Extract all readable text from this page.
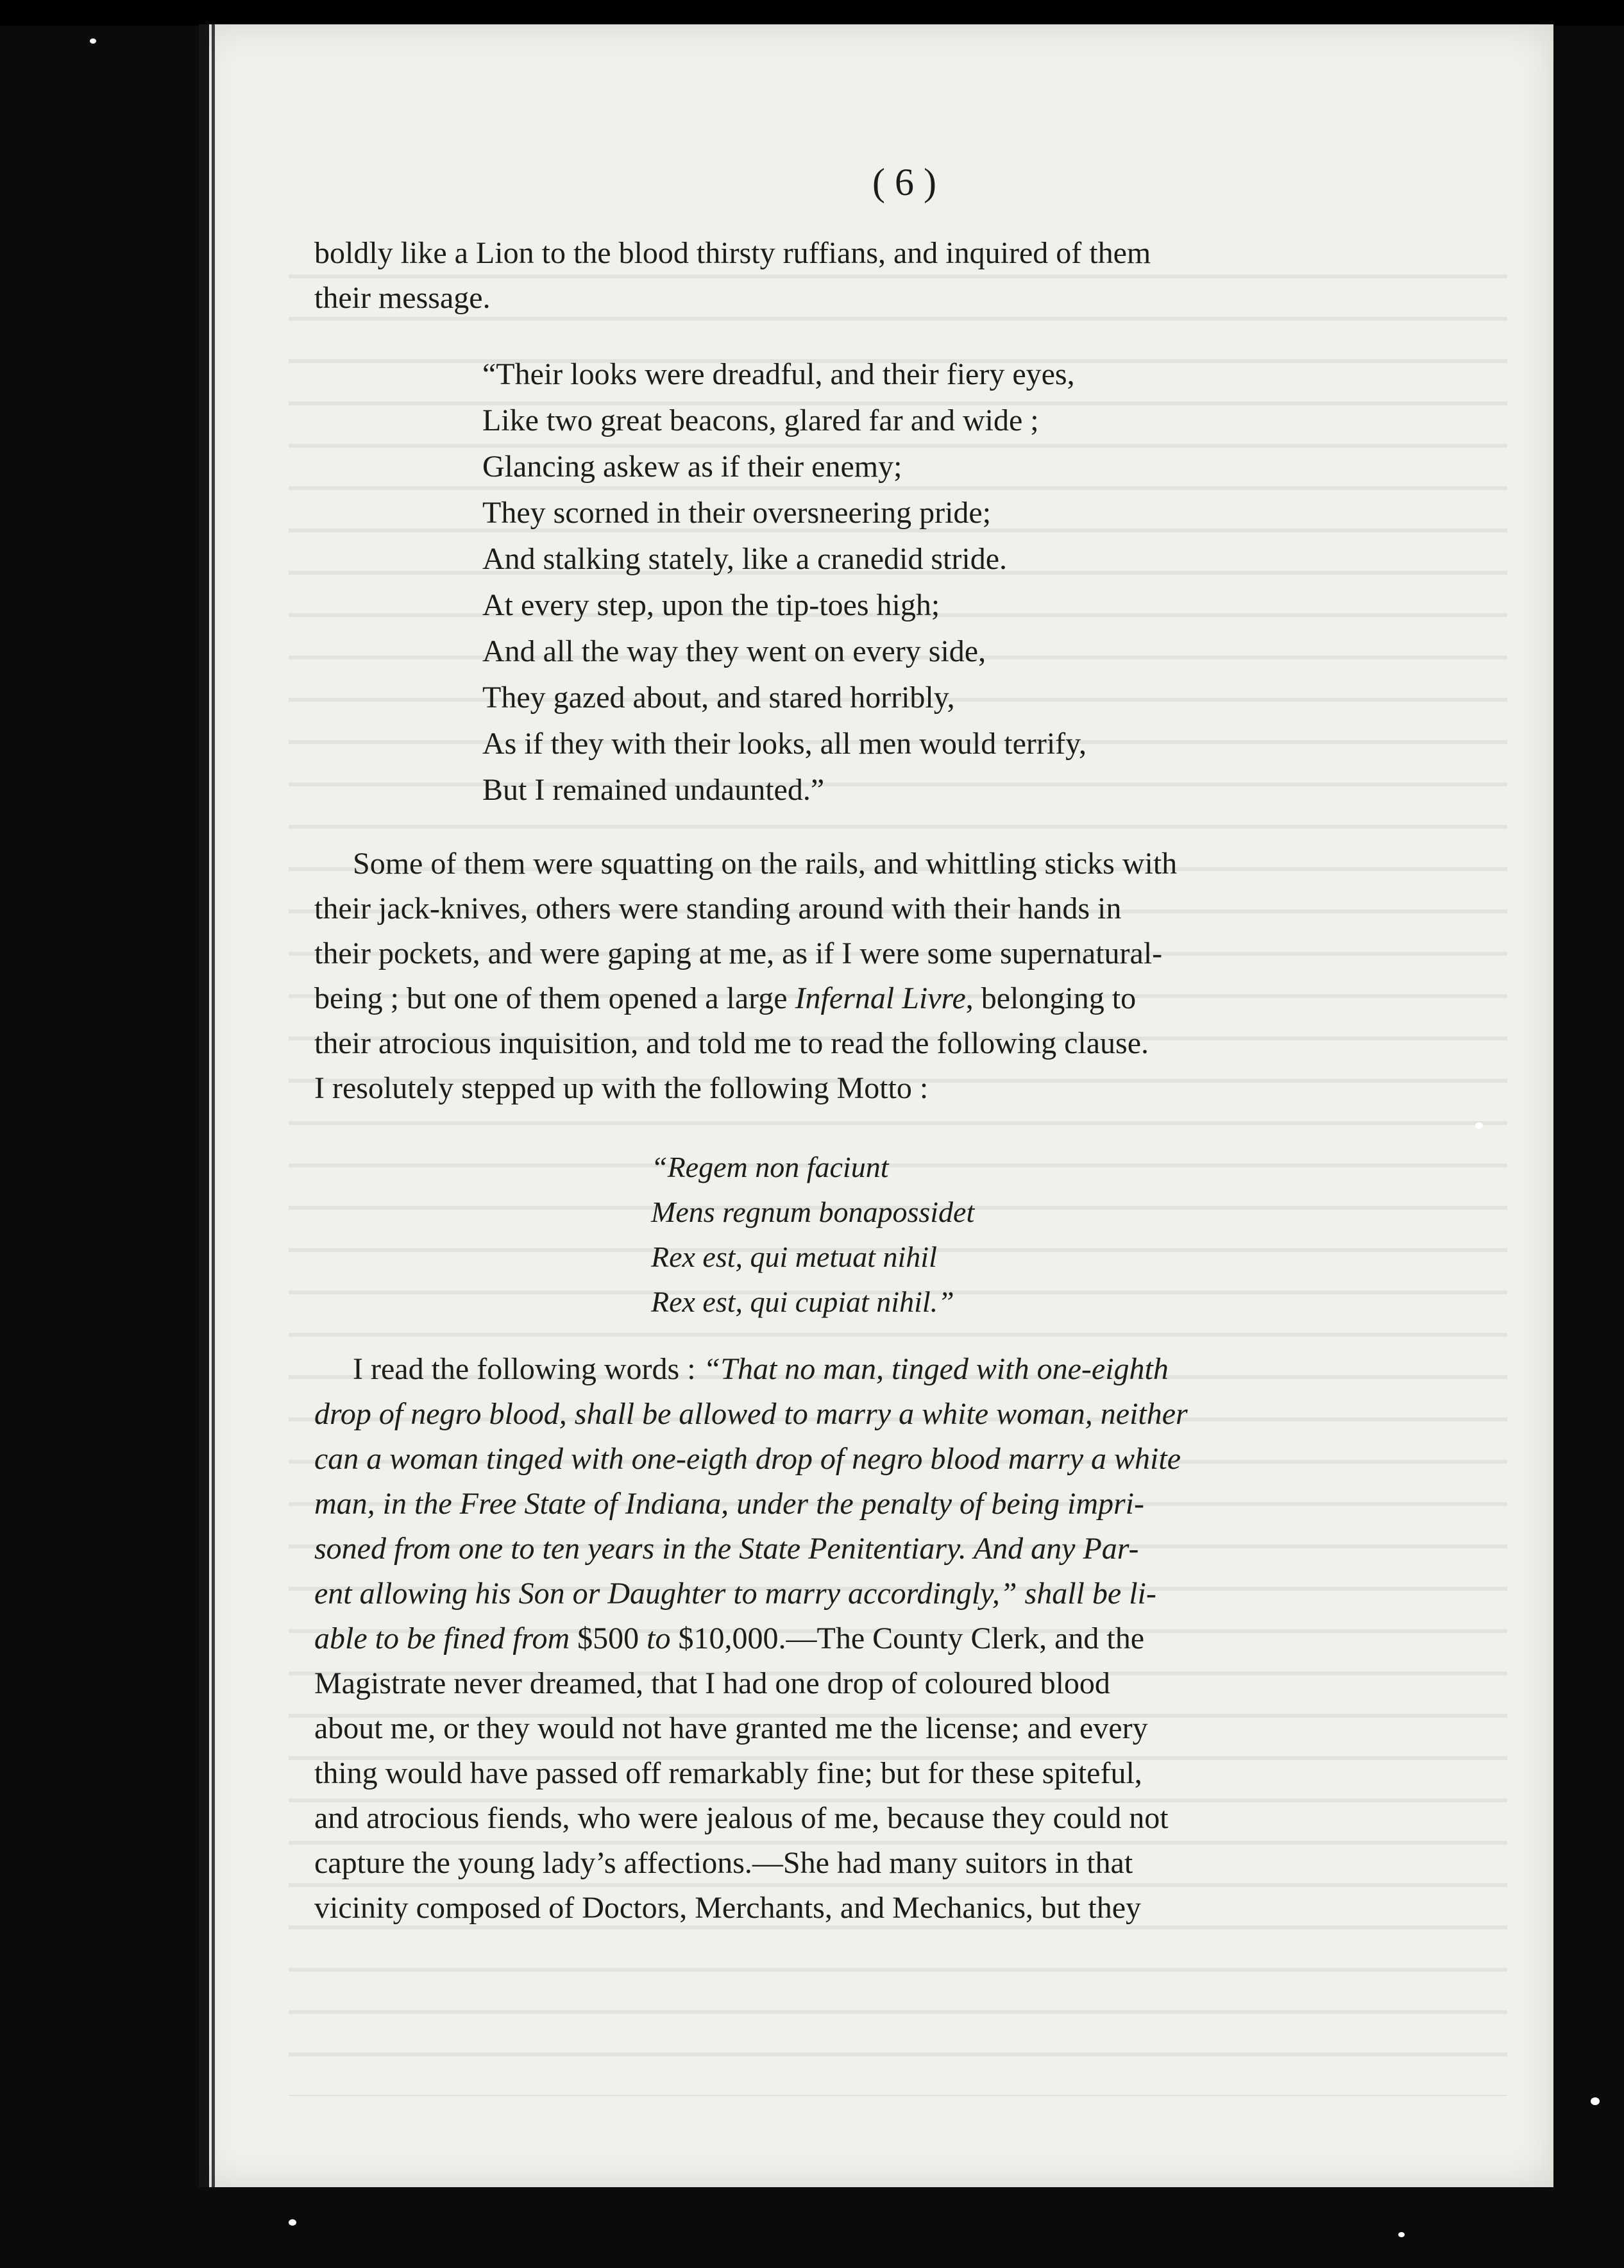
( 6 )
boldly like a Lion to the blood thirsty ruffians, and inquired of them
their message.
“Their looks were dreadful, and their fiery eyes,
Like two great beacons, glared far and wide ;
Glancing askew as if their enemy;
They scorned in their oversneering pride;
And stalking stately, like a cranedid stride.
At every step, upon the tip-toes high;
And all the way they went on every side,
They gazed about, and stared horribly,
As if they with their looks, all men would terrify,
But I remained undaunted.”
Some of them were squatting on the rails, and whittling sticks with
their jack-knives, others were standing around with their hands in
their pockets, and were gaping at me, as if I were some supernatural-
being ; but one of them opened a large Infernal Livre, belonging to
their atrocious inquisition, and told me to read the following clause.
I resolutely stepped up with the following Motto :
“Regem non faciunt
Mens regnum bonapossidet
Rex est, qui metuat nihil
Rex est, qui cupiat nihil.”
I read the following words : “That no man, tinged with one-eighth
drop of negro blood, shall be allowed to marry a white woman, neither
can a woman tinged with one-eigth drop of negro blood marry a white
man, in the Free State of Indiana, under the penalty of being impri-
soned from one to ten years in the State Penitentiary. And any Par-
ent allowing his Son or Daughter to marry accordingly,” shall be li-
able to be fined from $500 to $10,000.—The County Clerk, and the
Magistrate never dreamed, that I had one drop of coloured blood
about me, or they would not have granted me the license; and every
thing would have passed off remarkably fine; but for these spiteful,
and atrocious fiends, who were jealous of me, because they could not
capture the young lady’s affections.—She had many suitors in that
vicinity composed of Doctors, Merchants, and Mechanics, but they
